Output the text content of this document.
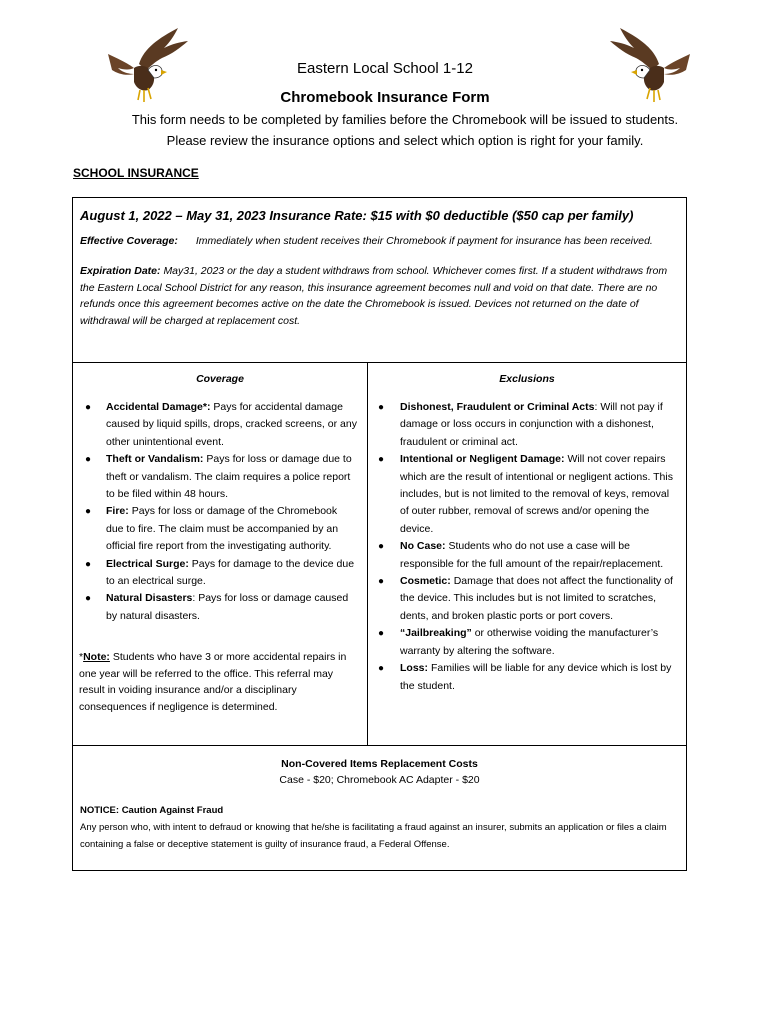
Eastern Local School 1-12
Chromebook Insurance Form
This form needs to be completed by families before the Chromebook will be issued to students.
Please review the insurance options and select which option is right for your family.
SCHOOL INSURANCE
August 1, 2022 – May 31, 2023 Insurance Rate: $15 with $0 deductible ($50 cap per family)
Effective Coverage: Immediately when student receives their Chromebook if payment for insurance has been received.
Expiration Date: May31, 2023 or the day a student withdraws from school. Whichever comes first. If a student withdraws from the Eastern Local School District for any reason, this insurance agreement becomes null and void on that date. There are no refunds once this agreement becomes active on the date the Chromebook is issued. Devices not returned on the date of withdrawal will be charged at replacement cost.
Coverage
● Accidental Damage*: Pays for accidental damage caused by liquid spills, drops, cracked screens, or any other unintentional event.
● Theft or Vandalism: Pays for loss or damage due to theft or vandalism. The claim requires a police report to be filed within 48 hours.
● Fire: Pays for loss or damage of the Chromebook due to fire. The claim must be accompanied by an official fire report from the investigating authority.
● Electrical Surge: Pays for damage to the device due to an electrical surge.
● Natural Disasters: Pays for loss or damage caused by natural disasters.
*Note: Students who have 3 or more accidental repairs in one year will be referred to the office. This referral may result in voiding insurance and/or a disciplinary consequences if negligence is determined.
Exclusions
● Dishonest, Fraudulent or Criminal Acts: Will not pay if damage or loss occurs in conjunction with a dishonest, fraudulent or criminal act.
● Intentional or Negligent Damage: Will not cover repairs which are the result of intentional or negligent actions. This includes, but is not limited to the removal of keys, removal of outer rubber, removal of screws and/or opening the device.
● No Case: Students who do not use a case will be responsible for the full amount of the repair/replacement.
● Cosmetic: Damage that does not affect the functionality of the device. This includes but is not limited to scratches, dents, and broken plastic ports or port covers.
● “Jailbreaking” or otherwise voiding the manufacturer’s warranty by altering the software.
● Loss: Families will be liable for any device which is lost by the student.
Non-Covered Items Replacement Costs
Case - $20; Chromebook AC Adapter - $20
NOTICE: Caution Against Fraud
Any person who, with intent to defraud or knowing that he/she is facilitating a fraud against an insurer, submits an application or files a claim containing a false or deceptive statement is guilty of insurance fraud, a Federal Offense.
